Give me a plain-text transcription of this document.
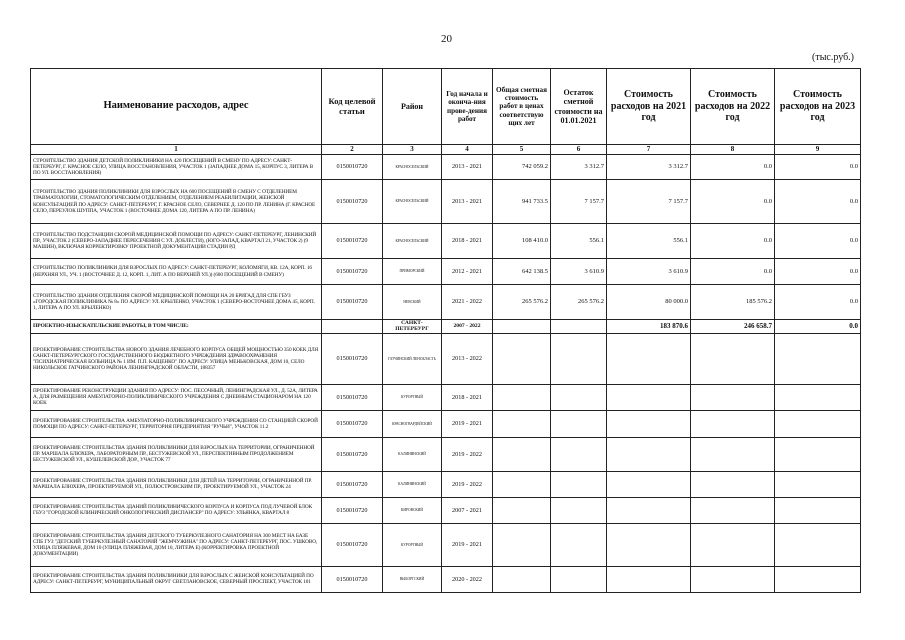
20
(тыс.руб.)
Наименование расходов, адрес	Код целевой статьи	Район	Год начала и оконча-ния прове-дения работ	Общая сметная стоимость работ в ценах соответствую щих лет	Остаток сметной стоимости на 01.01.2021	Стоимость расходов на 2021 год	Стоимость расходов на 2022 год	Стоимость расходов на 2023 год
1	2	3	4	5	6	7	8	9
СТРОИТЕЛЬСТВО ЗДАНИЯ ДЕТСКОЙ ПОЛИКЛИНИКИ НА 420 ПОСЕЩЕНИЙ В СМЕНУ ПО АДРЕСУ: САНКТ-ПЕТЕРБУРГ, Г. КРАСНОЕ СЕЛО, УЛИЦА ВОССТАНОВЛЕНИЯ, УЧАСТОК 1 (ЗАПАДНЕЕ ДОМА 15, КОРПУС 3, ЛИТЕРА В ПО УЛ. ВОССТАНОВЛЕНИЯ)	0150010720	КРАСНОСЕЛЬСКИЙ	2013 - 2021	742 059.2	3 312.7	3 312.7	0.0	0.0
СТРОИТЕЛЬСТВО ЗДАНИЯ ПОЛИКЛИНИКИ ДЛЯ ВЗРОСЛЫХ НА 600 ПОСЕЩЕНИЙ В СМЕНУ С ОТДЕЛЕНИЕМ ТРАВМАТОЛОГИИ, СТОМАТОЛОГИЧЕСКИМ ОТДЕЛЕНИЕМ, ОТДЕЛЕНИЕМ РЕАБИЛИТАЦИИ, ЖЕНСКОЙ КОНСУЛЬТАЦИЕЙ ПО АДРЕСУ: САНКТ-ПЕТЕРБУРГ, Г. КРАСНОЕ СЕЛО, СЕВЕРНЕЕ Д. 120 ПО ПР. ЛЕНИНА (Г. КРАСНОЕ СЕЛО, ПЕРЕУЛОК ШУППА, УЧАСТОК 1 (ВОСТОЧНЕЕ ДОМА 120, ЛИТЕРА А ПО ПР. ЛЕНИНА)	0150010720	КРАСНОСЕЛЬСКИЙ	2013 - 2021	941 733.5	7 157.7	7 157.7	0.0	0.0
СТРОИТЕЛЬСТВО ПОДСТАНЦИИ СКОРОЙ МЕДИЦИНСКОЙ ПОМОЩИ ПО АДРЕСУ: САНКТ-ПЕТЕРБУРГ, ЛЕНИНСКИЙ ПР., УЧАСТОК 2 (СЕВЕРО-ЗАПАДНЕЕ ПЕРЕСЕЧЕНИЯ С УЛ. ДОБЛЕСТИ), (ЮГО-ЗАПАД, КВАРТАЛ 21, УЧАСТОК 2) (9 МАШИН), ВКЛЮЧАЯ КОРРЕКТИРОВКУ ПРОЕКТНОЙ ДОКУМЕНТАЦИИ СТАДИИ РД	0150010720	КРАСНОСЕЛЬСКИЙ	2018 - 2021	108 410.0	556.1	556.1	0.0	0.0
СТРОИТЕЛЬСТВО ПОЛИКЛИНИКИ ДЛЯ ВЗРОСЛЫХ ПО АДРЕСУ: САНКТ-ПЕТЕРБУРГ, КОЛОМЯГИ, КВ. 12А, КОРП. 16 (ВЕРХНЯЯ УЛ., УЧ. 1 (ВОСТОЧНЕЕ Д. 12, КОРП. 1, ЛИТ. А ПО ВЕРХНЕЙ УЛ.)) (600 ПОСЕЩЕНИЙ В СМЕНУ)	0150010720	ПРИМОРСКИЙ	2012 - 2021	642 138.5	3 610.9	3 610.9	0.0	0.0
СТРОИТЕЛЬСТВО ЗДАНИЯ ОТДЕЛЕНИЯ СКОРОЙ МЕДИЦИНСКОЙ ПОМОЩИ НА 20 БРИГАД ДЛЯ СПБ ГБУЗ «ГОРОДСКАЯ ПОЛИКЛИНИКА № 8» ПО АДРЕСУ: УЛ. КРЫЛЕНКО, УЧАСТОК 1 (СЕВЕРО-ВОСТОЧНЕЕ ДОМА 45, КОРП. 1, ЛИТЕРА А ПО УЛ. КРЫЛЕНКО)	0150010720	НЕВСКИЙ	2021 - 2022	265 576.2	265 576.2	80 000.0	185 576.2	0.0
ПРОЕКТНО-ИЗЫСКАТЕЛЬСКИЕ РАБОТЫ, В ТОМ ЧИСЛЕ:		САНКТ-ПЕТЕРБУРГ	2007 - 2022			183 870.6	246 658.7	0.0
ПРОЕКТИРОВАНИЕ СТРОИТЕЛЬСТВА НОВОГО ЗДАНИЯ ЛЕЧЕБНОГО КОРПУСА ОБЩЕЙ МОЩНОСТЬЮ 350 КОЕК ДЛЯ САНКТ-ПЕТЕРБУРГСКОГО ГОСУДАРСТВЕННОГО БЮДЖЕТНОГО УЧРЕЖДЕНИЯ ЗДРАВООХРАНЕНИЯ "ПСИХИАТРИЧЕСКАЯ БОЛЬНИЦА № 1 ИМ. П.П. КАЩЕНКО" ПО АДРЕСУ: УЛИЦА МЕНЬКОВСКАЯ, ДОМ 10, СЕЛО НИКОЛЬСКОЕ ГАТЧИНСКОГО РАЙОНА ЛЕНИНГРАДСКОЙ ОБЛАСТИ, 188357	0150010720	ГАТЧИНСКИЙ ЛЕНОБЛАСТЬ	2013 - 2022					
ПРОЕКТИРОВАНИЕ РЕКОНСТРУКЦИИ ЗДАНИЯ ПО АДРЕСУ: ПОС. ПЕСОЧНЫЙ, ЛЕНИНГРАДСКАЯ УЛ., Д. 52А, ЛИТЕРА А, ДЛЯ РАЗМЕЩЕНИЯ АМБУЛАТОРНО-ПОЛИКЛИНИЧЕСКОГО УЧРЕЖДЕНИЯ С ДНЕВНЫМ СТАЦИОНАРОМ НА 120 КОЕК	0150010720	КУРОРТНЫЙ	2018 - 2021					
ПРОЕКТИРОВАНИЕ СТРОИТЕЛЬСТВА АМБУЛАТОРНО-ПОЛИКЛИНИЧЕСКОГО УЧРЕЖДЕНИЯ СО СТАНЦИЕЙ СКОРОЙ ПОМОЩИ ПО АДРЕСУ: САНКТ-ПЕТЕРБУРГ, ТЕРРИТОРИЯ ПРЕДПРИЯТИЯ "РУЧЬИ", УЧАСТОК 11.2	0150010720	КРАСНОГВАРДЕЙСКИЙ	2019 - 2021					
ПРОЕКТИРОВАНИЕ СТРОИТЕЛЬСТВА ЗДАНИЯ ПОЛИКЛИНИКИ ДЛЯ ВЗРОСЛЫХ НА ТЕРРИТОРИИ, ОГРАНИЧЕННОЙ ПР. МАРШАЛА БЛЮХЕРА, ЛАБОРАТОРНЫМ ПР., БЕСТУЖЕВСКОЙ УЛ., ПЕРСПЕКТИВНЫМ ПРОДОЛЖЕНИЕМ БЕСТУЖЕВСКОЙ УЛ., КУШЕЛЕВСКОЙ ДОР., УЧАСТОК 77	0150010720	КАЛИНИНСКИЙ	2019 - 2022					
ПРОЕКТИРОВАНИЕ СТРОИТЕЛЬСТВА ЗДАНИЯ ПОЛИКЛИНИКИ ДЛЯ ДЕТЕЙ НА ТЕРРИТОРИИ, ОГРАНИЧЕННОЙ ПР. МАРШАЛА БЛЮХЕРА, ПРОЕКТИРУЕМОЙ УЛ., ПОЛЮСТРОВСКИМ ПР., ПРОЕКТИРУЕМОЙ УЛ., УЧАСТОК 24	0150010720	КАЛИНИНСКИЙ	2019 - 2022					
ПРОЕКТИРОВАНИЕ СТРОИТЕЛЬСТВА ЗДАНИЙ ПОЛИКЛИНИЧЕСКОГО КОРПУСА И КОРПУСА ПОД ЛУЧЕВОЙ БЛОК ГБУЗ "ГОРОДСКОЙ КЛИНИЧЕСКИЙ ОНКОЛОГИЧЕСКИЙ ДИСПАНСЕР" ПО АДРЕСУ: УЛЬЯНКА, КВАРТАЛ 8	0150010720	КИРОВСКИЙ	2007 - 2021					
ПРОЕКТИРОВАНИЕ СТРОИТЕЛЬСТВА ЗДАНИЯ ДЕТСКОГО ТУБЕРКУЛЕЗНОГО САНАТОРИЯ НА 300 МЕСТ НА БАЗЕ СПБ ГУЗ "ДЕТСКИЙ ТУБЕРКУЛЕЗНЫЙ САНАТОРИЙ "ЖЕМЧУЖИНА" ПО АДРЕСУ: САНКТ-ПЕТЕРБУРГ, ПОС. УШКОВО, УЛИЦА ПЛЯЖЕВАЯ, ДОМ 10 (УЛИЦА ПЛЯЖЕВАЯ, ДОМ 10, ЛИТЕРА Е) (КОРРЕКТИРОВКА ПРОЕКТНОЙ ДОКУМЕНТАЦИИ)	0150010720	КУРОРТНЫЙ	2019 - 2021					
ПРОЕКТИРОВАНИЕ СТРОИТЕЛЬСТВА ЗДАНИЯ ПОЛИКЛИНИКИ ДЛЯ ВЗРОСЛЫХ С ЖЕНСКОЙ КОНСУЛЬТАЦИЕЙ ПО АДРЕСУ: САНКТ-ПЕТЕРБУРГ, МУНИЦИПАЛЬНЫЙ ОКРУГ СВЕТЛАНОВСКОЕ, СЕВЕРНЫЙ ПРОСПЕКТ, УЧАСТОК 101	0150010720	ВЫБОРГСКИЙ	2020 - 2022					
